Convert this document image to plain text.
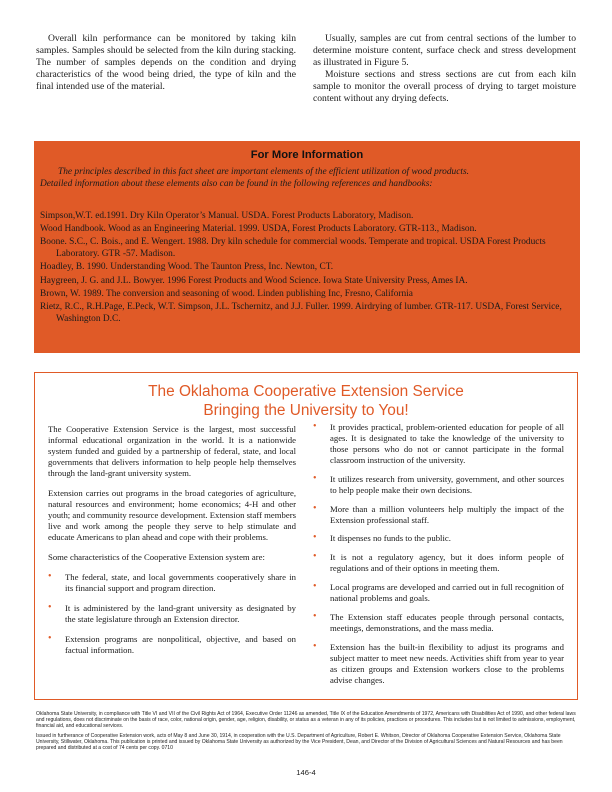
Overall kiln performance can be monitored by taking kiln samples. Samples should be selected from the kiln during stacking. The number of samples depends on the condition and drying characteristics of the wood being dried, the type of kiln and the final intended use of the material.

Usually, samples are cut from central sections of the lumber to determine moisture content, surface check and stress development as illustrated in Figure 5.

Moisture sections and stress sections are cut from each kiln sample to monitor the overall process of drying to target moisture content without any drying defects.

For More Information

The principles described in this fact sheet are important elements of the efficient utilization of wood products.
Detailed information about these elements also can be found in the following references and handbooks:

Simpson,W.T. ed.1991. Dry Kiln Operator’s Manual. USDA. Forest Products Laboratory, Madison.
Wood Handbook. Wood as an Engineering Material. 1999. USDA, Forest Products Laboratory. GTR-113., Madison.
Boone. S.C., C. Bois., and E. Wengert. 1988. Dry kiln schedule for commercial woods. Temperate and tropical. USDA Forest Products Laboratory. GTR -57. Madison.
Hoadley, B. 1990. Understanding Wood. The Taunton Press, Inc. Newton, CT.
Haygreen, J. G. and J.L. Bowyer. 1996 Forest Products and Wood Science. Iowa State University Press, Ames IA.
Brown, W. 1989. The conversion and seasoning of wood. Linden publishing Inc, Fresno, California
Rietz, R.C., R.H.Page, E.Peck, W.T. Simpson, J.L. Tschernitz, and J.J. Fuller. 1999. Airdrying of lumber. GTR-117. USDA, Forest Service, Washington D.C.
The Oklahoma Cooperative Extension Service
Bringing the University to You!

The Cooperative Extension Service is the largest, most successful informal educational organization in the world. It is a nationwide system funded and guided by a partnership of federal, state, and local governments that delivers information to help people help themselves through the land-grant university system.

Extension carries out programs in the broad categories of agriculture, natural resources and environment; home economics; 4-H and other youth; and community resource development. Extension staff members live and work among the people they serve to help stimulate and educate Americans to plan ahead and cope with their problems.

Some characteristics of the Cooperative Extension system are:

• The federal, state, and local governments cooperatively share in its financial support and program direction.
• It is administered by the land-grant university as designated by the state legislature through an Extension director.
• Extension programs are nonpolitical, objective, and based on factual information.
• It provides practical, problem-oriented education for people of all ages. It is designated to take the knowledge of the university to those persons who do not or cannot participate in the formal classroom instruction of the university.
• It utilizes research from university, government, and other sources to help people make their own decisions.
• More than a million volunteers help multiply the impact of the Extension professional staff.
• It dispenses no funds to the public.
• It is not a regulatory agency, but it does inform people of regulations and of their options in meeting them.
• Local programs are developed and carried out in full recognition of national problems and goals.
• The Extension staff educates people through personal contacts, meetings, demonstrations, and the mass media.
• Extension has the built-in flexibility to adjust its programs and subject matter to meet new needs. Activities shift from year to year as citizen groups and Extension workers close to the problems advise changes.

Oklahoma State University, in compliance with Title VI and VII of the Civil Rights Act of 1964, Executive Order 11246 as amended, Title IX of the Education Amendments of 1972, Americans with Disabilities Act of 1990, and other federal laws and regulations, does not discriminate on the basis of race, color, national origin, gender, age, religion, disability, or status as a veteran in any of its policies, practices or procedures. This includes but is not limited to admissions, employment, financial aid, and educational services.

Issued in furtherance of Cooperative Extension work, acts of May 8 and June 30, 1914, in cooperation with the U.S. Department of Agriculture, Robert E. Whitson, Director of Oklahoma Cooperative Extension Service, Oklahoma State University, Stillwater, Oklahoma. This publication is printed and issued by Oklahoma State University as authorized by the Vice President, Dean, and Director of the Division of Agricultural Sciences and Natural Resources and has been prepared and distributed at a cost of 74 cents per copy. 0710

146-4
